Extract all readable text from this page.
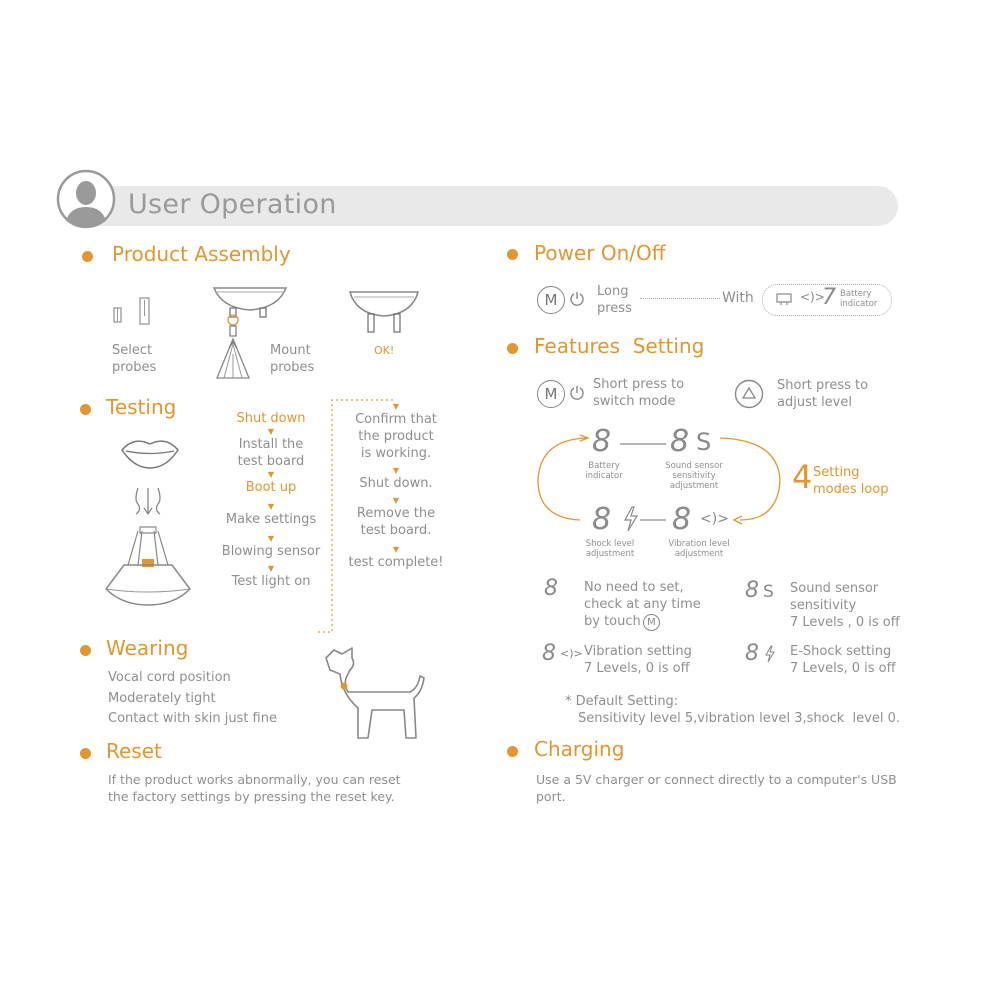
User Operation
Product Assembly
Select
probes
Mount
probes
OK!
Testing	Shut down
▼
Install the
test board
▼
Boot up
▼
Make settings
▼
Blowing sensor
▼
Test light on
▼
Confirm that
the product
is working.
▼
Shut down.
▼
Remove the
test board.
▼
test complete!
Wearing
Vocal cord position
Moderately tight
Contact with skin just fine
Reset
If the product works abnormally, you can reset
the factory settings by pressing the reset key.
Power On/Off
M	Long
press
With	<)>
7 Battery
indicator
Features  Setting
M
Short press to
switch mode
Short press to
adjust level
8
Battery
indicator
8 S
Sound sensor
sensitivity
adjustment
8
Shock level
adjustment
8 <)>
Vibration level
adjustment
4 Setting
modes loop
8 No need to set,
check at any time
by touch M
8 S Sound sensor
sensitivity
7 Levels , 0 is off
8 <)> Vibration setting
7 Levels, 0 is off
8 E-Shock setting
7 Levels, 0 is off
* Default Setting:
Sensitivity level 5,vibration level 3,shock  level 0.
Charging
Use a 5V charger or connect directly to a computer's USB
port.
